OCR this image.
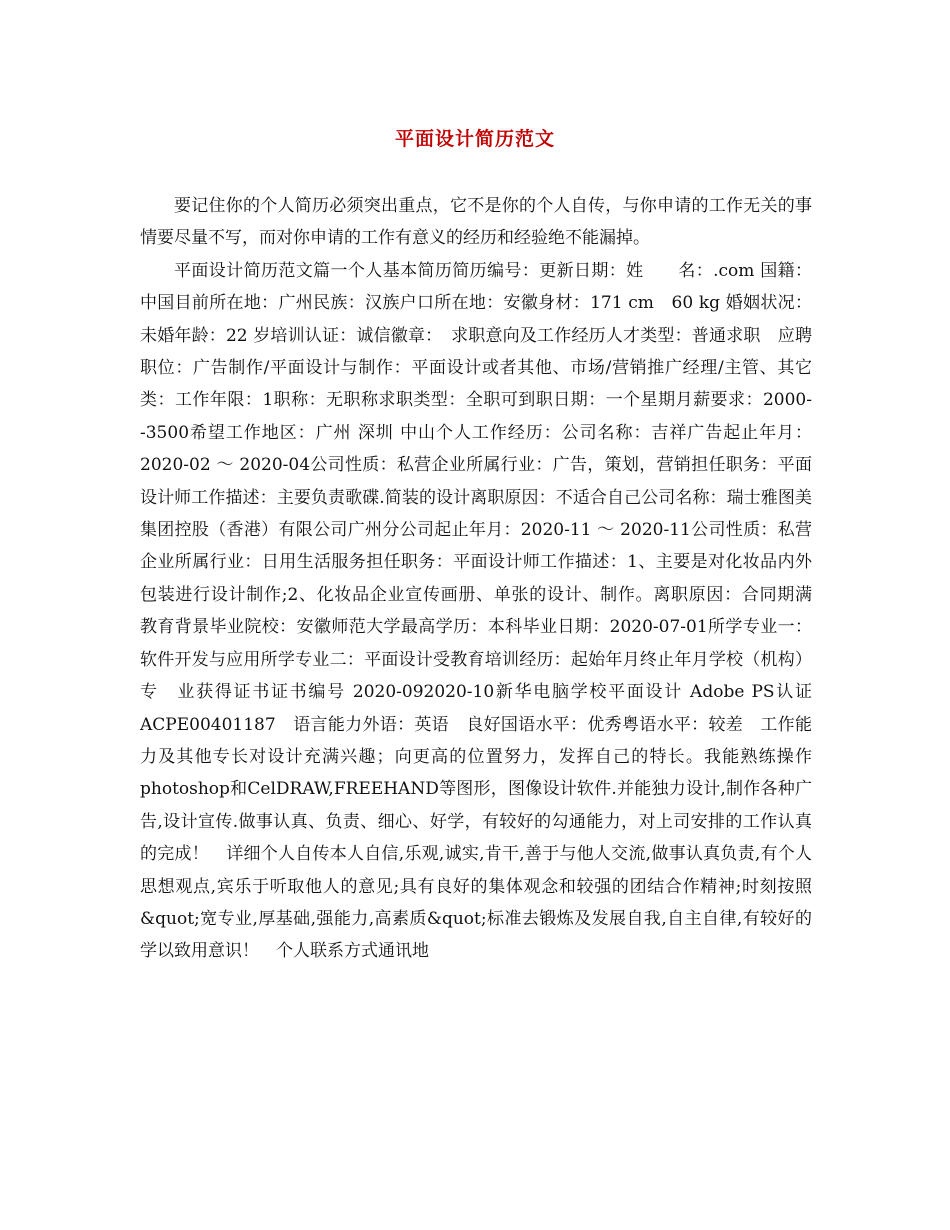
平面设计简历范文

要记住你的个人简历必须突出重点，它不是你的个人自传，与你申请的工作无关的事情要尽量不写，而对你申请的工作有意义的经历和经验绝不能漏掉。

平面设计简历范文篇一个人基本简历简历编号：更新日期：姓　　名：.com 国籍：中国目前所在地：广州民族：汉族户口所在地：安徽身材：171 cm　60 kg 婚姻状况：未婚年龄：22 岁培训认证：诚信徽章：　求职意向及工作经历人才类型：普通求职　应聘职位：广告制作/平面设计与制作：平面设计或者其他、市场/营销推广经理/主管、其它类：工作年限：1职称：无职称求职类型：全职可到职日期：一个星期月薪要求：2000--3500希望工作地区：广州 深圳 中山个人工作经历：公司名称：吉祥广告起止年月：2020-02 ～ 2020-04公司性质：私营企业所属行业：广告，策划，营销担任职务：平面设计师工作描述：主要负责歌碟.简装的设计离职原因：不适合自己公司名称：瑞士雅图美集团控股（香港）有限公司广州分公司起止年月：2020-11 ～ 2020-11公司性质：私营企业所属行业：日用生活服务担任职务：平面设计师工作描述：1、主要是对化妆品内外包装进行设计制作;2、化妆品企业宣传画册、单张的设计、制作。离职原因：合同期满　教育背景毕业院校：安徽师范大学最高学历：本科毕业日期：2020-07-01所学专业一：软件开发与应用所学专业二：平面设计受教育培训经历：起始年月终止年月学校（机构）专　业获得证书证书编号 2020-092020-10新华电脑学校平面设计 Adobe PS认证 ACPE00401187　语言能力外语：英语　良好国语水平：优秀粤语水平：较差　工作能力及其他专长对设计充满兴趣；向更高的位置努力，发挥自己的特长。我能熟练操作photoshop和CelDRAW,FREEHAND等图形，图像设计软件.并能独力设计,制作各种广告,设计宣传.做事认真、负责、细心、好学，有较好的勾通能力，对上司安排的工作认真的完成！　详细个人自传本人自信,乐观,诚实,肯干,善于与他人交流,做事认真负责,有个人思想观点,宾乐于听取他人的意见;具有良好的集体观念和较强的团结合作精神;时刻按照&quot;宽专业,厚基础,强能力,高素质&quot;标准去锻炼及发展自我,自主自律,有较好的学以致用意识！　个人联系方式通讯地
